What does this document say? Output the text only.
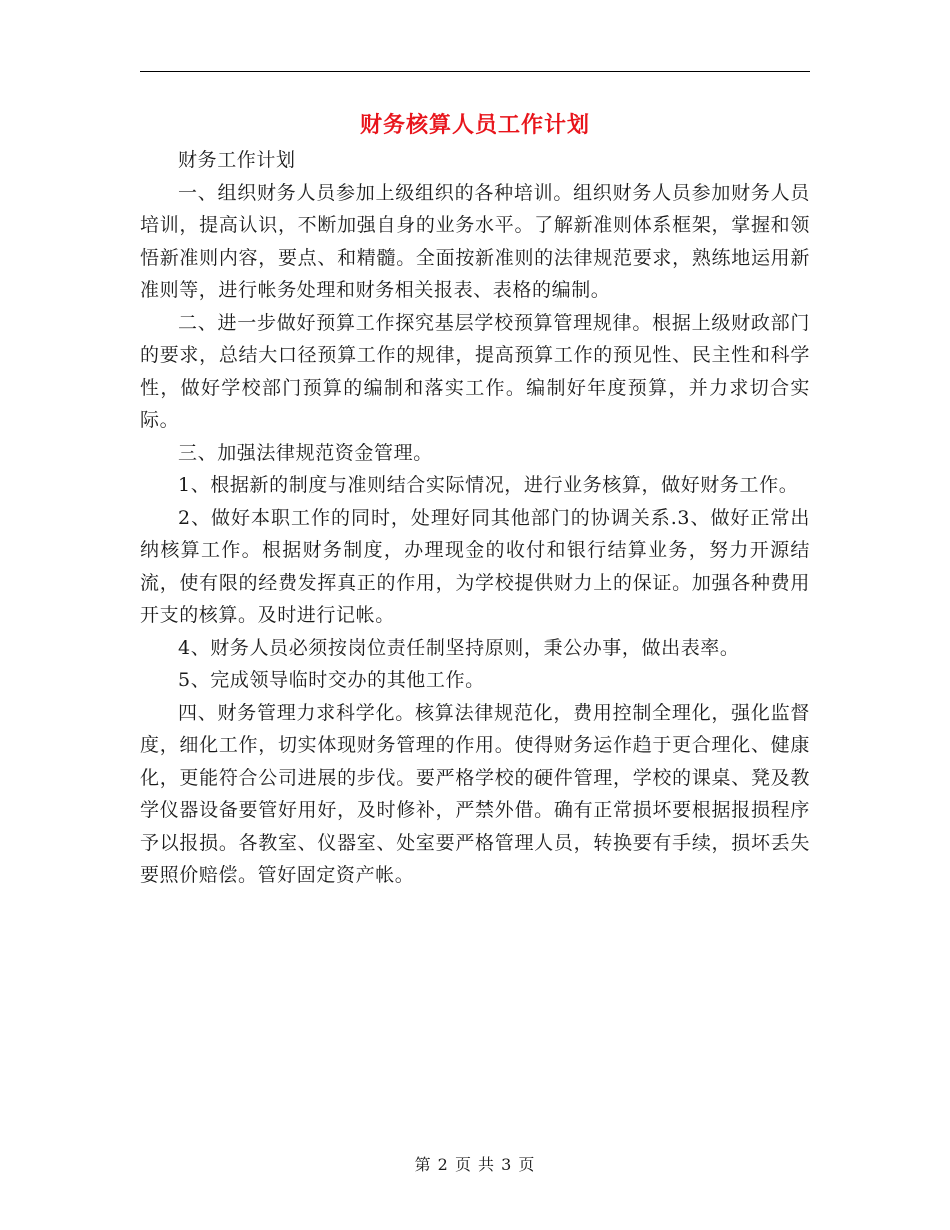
财务核算人员工作计划

财务工作计划

一、组织财务人员参加上级组织的各种培训。组织财务人员参加财务人员培训，提高认识，不断加强自身的业务水平。了解新准则体系框架，掌握和领悟新准则内容，要点、和精髓。全面按新准则的法律规范要求，熟练地运用新准则等，进行帐务处理和财务相关报表、表格的编制。

二、进一步做好预算工作探究基层学校预算管理规律。根据上级财政部门的要求，总结大口径预算工作的规律，提高预算工作的预见性、民主性和科学性，做好学校部门预算的编制和落实工作。编制好年度预算，并力求切合实际。

三、加强法律规范资金管理。

1、根据新的制度与准则结合实际情况，进行业务核算，做好财务工作。

2、做好本职工作的同时，处理好同其他部门的协调关系.3、做好正常出纳核算工作。根据财务制度，办理现金的收付和银行结算业务，努力开源结流，使有限的经费发挥真正的作用，为学校提供财力上的保证。加强各种费用开支的核算。及时进行记帐。

4、财务人员必须按岗位责任制坚持原则，秉公办事，做出表率。

5、完成领导临时交办的其他工作。

四、财务管理力求科学化。核算法律规范化，费用控制全理化，强化监督度，细化工作，切实体现财务管理的作用。使得财务运作趋于更合理化、健康化，更能符合公司进展的步伐。要严格学校的硬件管理，学校的课桌、凳及教学仪器设备要管好用好，及时修补，严禁外借。确有正常损坏要根据报损程序予以报损。各教室、仪器室、处室要严格管理人员，转换要有手续，损坏丢失要照价赔偿。管好固定资产帐。

第 2 页 共 3 页
